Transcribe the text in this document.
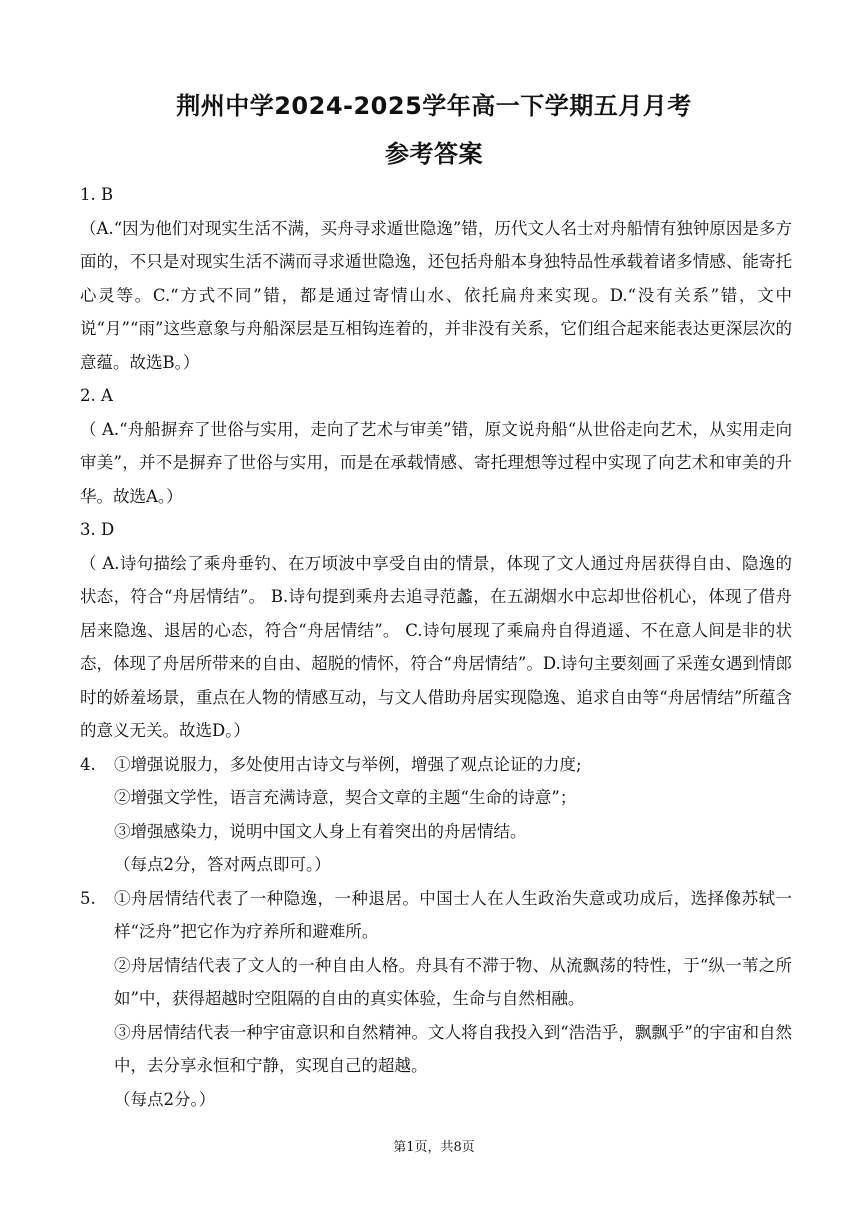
荆州中学2024-2025学年高一下学期五月月考
参考答案

1. B

（A.“因为他们对现实生活不满，买舟寻求遁世隐逸”错，历代文人名士对舟船情有独钟原因是多方面的，不只是对现实生活不满而寻求遁世隐逸，还包括舟船本身独特品性承载着诸多情感、能寄托心灵等。C.“方式不同”错，都是通过寄情山水、依托扁舟来实现。D.“没有关系”错，文中说“月”“雨”这些意象与舟船深层是互相钩连着的，并非没有关系，它们组合起来能表达更深层次的意蕴。故选B。）

2. A

（ A.“舟船摒弃了世俗与实用，走向了艺术与审美”错，原文说舟船“从世俗走向艺术，从实用走向审美”，并不是摒弃了世俗与实用，而是在承载情感、寄托理想等过程中实现了向艺术和审美的升华。故选A。）

3. D

（ A.诗句描绘了乘舟垂钓、在万顷波中享受自由的情景，体现了文人通过舟居获得自由、隐逸的状态，符合“舟居情结”。 B.诗句提到乘舟去追寻范蠡，在五湖烟水中忘却世俗机心，体现了借舟居来隐逸、退居的心态，符合“舟居情结”。 C.诗句展现了乘扁舟自得逍遥、不在意人间是非的状态，体现了舟居所带来的自由、超脱的情怀，符合“舟居情结”。D.诗句主要刻画了采莲女遇到情郎时的娇羞场景，重点在人物的情感互动，与文人借助舟居实现隐逸、追求自由等“舟居情结”所蕴含的意义无关。故选D。）

4. ①增强说服力，多处使用古诗文与举例，增强了观点论证的力度;

②增强文学性，语言充满诗意，契合文章的主题“生命的诗意”；

③增强感染力，说明中国文人身上有着突出的舟居情结。

（每点2分，答对两点即可。）

5. ①舟居情结代表了一种隐逸，一种退居。中国士人在人生政治失意或功成后，选择像苏轼一样“泛舟”把它作为疗养所和避难所。

②舟居情结代表了文人的一种自由人格。舟具有不滞于物、从流飘荡的特性，于“纵一苇之所如”中，获得超越时空阻隔的自由的真实体验，生命与自然相融。

③舟居情结代表一种宇宙意识和自然精神。文人将自我投入到“浩浩乎，飘飘乎”的宇宙和自然中，去分享永恒和宁静，实现自己的超越。

（每点2分。）

第1页，共8页
